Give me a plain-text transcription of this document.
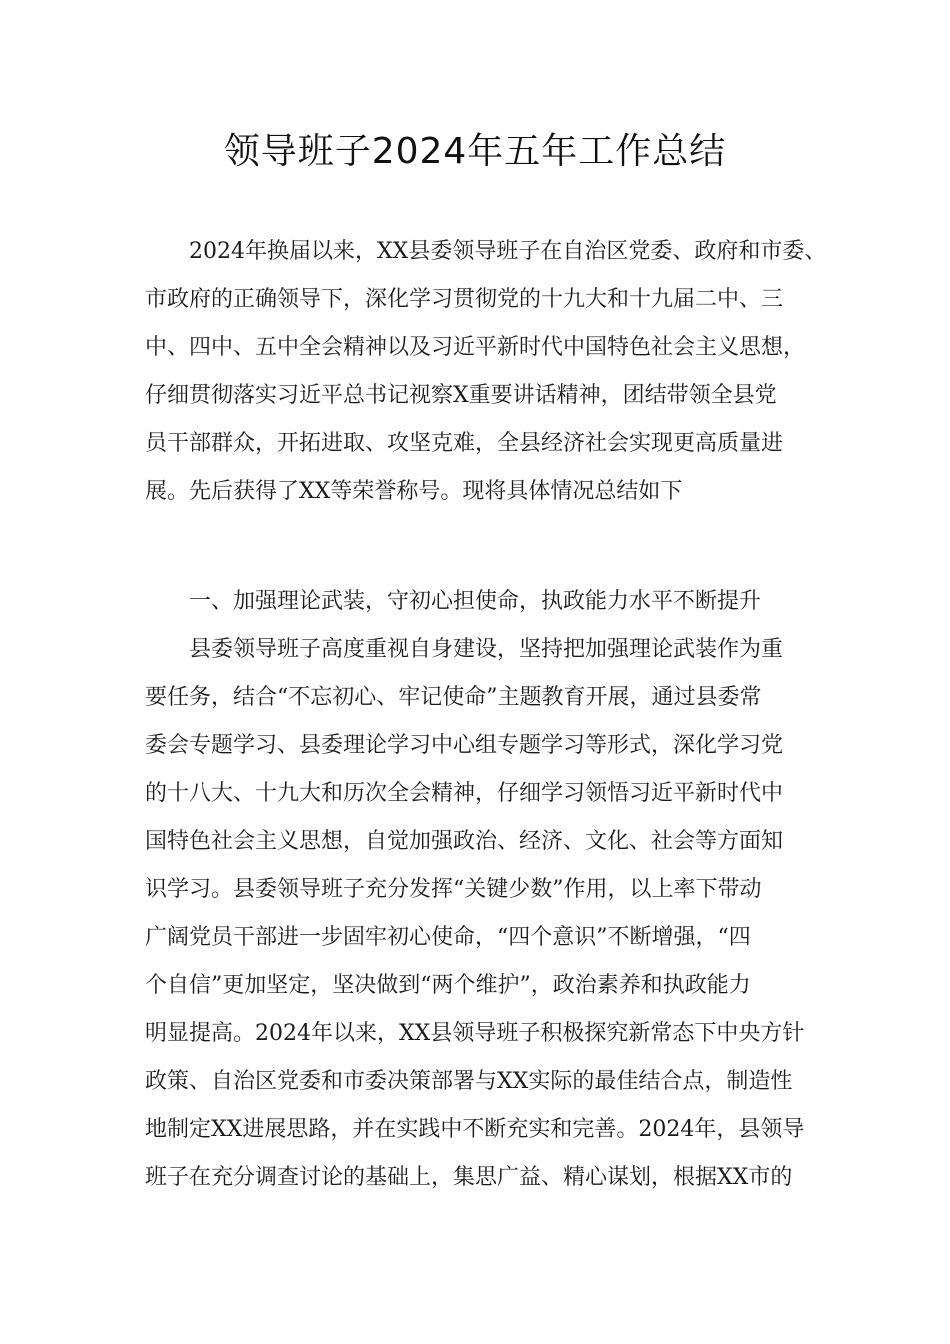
领导班子2024年五年工作总结
2024年换届以来，XX县委领导班子在自治区党委、政府和市委、
市政府的正确领导下，深化学习贯彻党的十九大和十九届二中、三
中、四中、五中全会精神以及习近平新时代中国特色社会主义思想，
仔细贯彻落实习近平总书记视察X重要讲话精神，团结带领全县党
员干部群众，开拓进取、攻坚克难，全县经济社会实现更高质量进
展。先后获得了XX等荣誉称号。现将具体情况总结如下
一、加强理论武装，守初心担使命，执政能力水平不断提升
县委领导班子高度重视自身建设，坚持把加强理论武装作为重
要任务，结合“不忘初心、牢记使命”主题教育开展，通过县委常
委会专题学习、县委理论学习中心组专题学习等形式，深化学习党
的十八大、十九大和历次全会精神，仔细学习领悟习近平新时代中
国特色社会主义思想，自觉加强政治、经济、文化、社会等方面知
识学习。县委领导班子充分发挥“关键少数”作用，以上率下带动
广阔党员干部进一步固牢初心使命，“四个意识”不断增强，“四
个自信”更加坚定，坚决做到“两个维护”，政治素养和执政能力
明显提高。2024年以来，XX县领导班子积极探究新常态下中央方针
政策、自治区党委和市委决策部署与XX实际的最佳结合点，制造性
地制定XX进展思路，并在实践中不断充实和完善。2024年，县领导
班子在充分调查讨论的基础上，集思广益、精心谋划，根据XX市的
